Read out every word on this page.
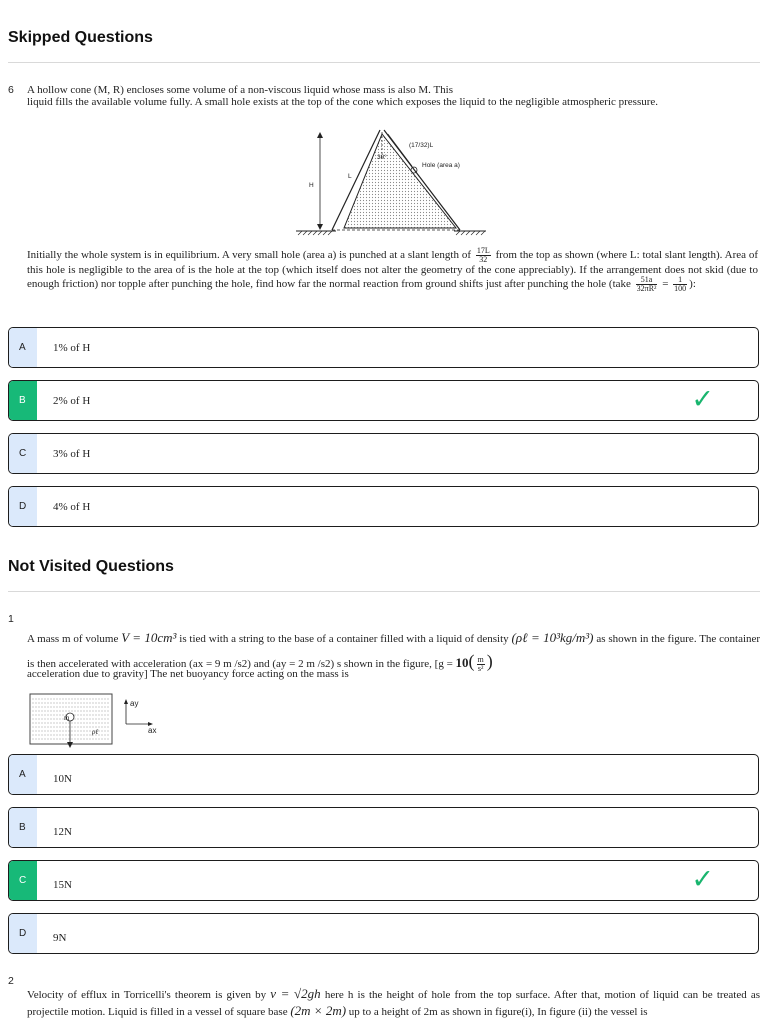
Skipped Questions
6 A hollow cone (M, R) encloses some volume of a non-viscous liquid whose mass is also M. This

liquid fills the available volume fully. A small hole exists at the top of the cone which exposes the liquid to the negligible atmospheric pressure.

(17/32)L
30°
Hole (area a)
L
H
Initially the whole system is in equilibrium. A very small hole (area a) is punched at a slant length of $\frac{17L}{32}$ from the top as shown (where L: total slant length). Area of this hole is negligible to the area of is the hole at the top (which itself does not alter the geometry of the cone appreciably). If the arrangement does not skid (due to enough friction) nor topple after punching the hole, find how far the normal reaction from ground shifts just after punching the hole (take $\frac{51a}{\text{32πR²}} = \frac{1}{100}$ ):
A	1% of H
B	2% of H	✓
C	3% of H
D	4% of H
Not Visited Questions
1
A mass m of volume V = 10cm³ is tied with a string to the base of a container filled with a liquid of density (ρℓ = 10³kg/m³) as shown in the figure. The container is then accelerated with acceleration (ax = 9 m /s2) and (ay = 2 m /s2) s shown in the figure, [$g = 10( \frac{m}{\text{s²}}$ )
acceleration due to gravity] The net buoyancy force acting on the mass is
m
ρℓ
ay
ax
A	10N
B	12N
C	15N	✓
D	9N
2
Velocity of efflux in Torricelli's theorem is given by v = √2gh here h is the height of hole from the top surface. After that, motion of liquid can be treated as projectile motion. Liquid is filled in a vessel of square base (2m × 2m) up to a height of 2m as shown in figure(i), In figure (ii) the vessel is
